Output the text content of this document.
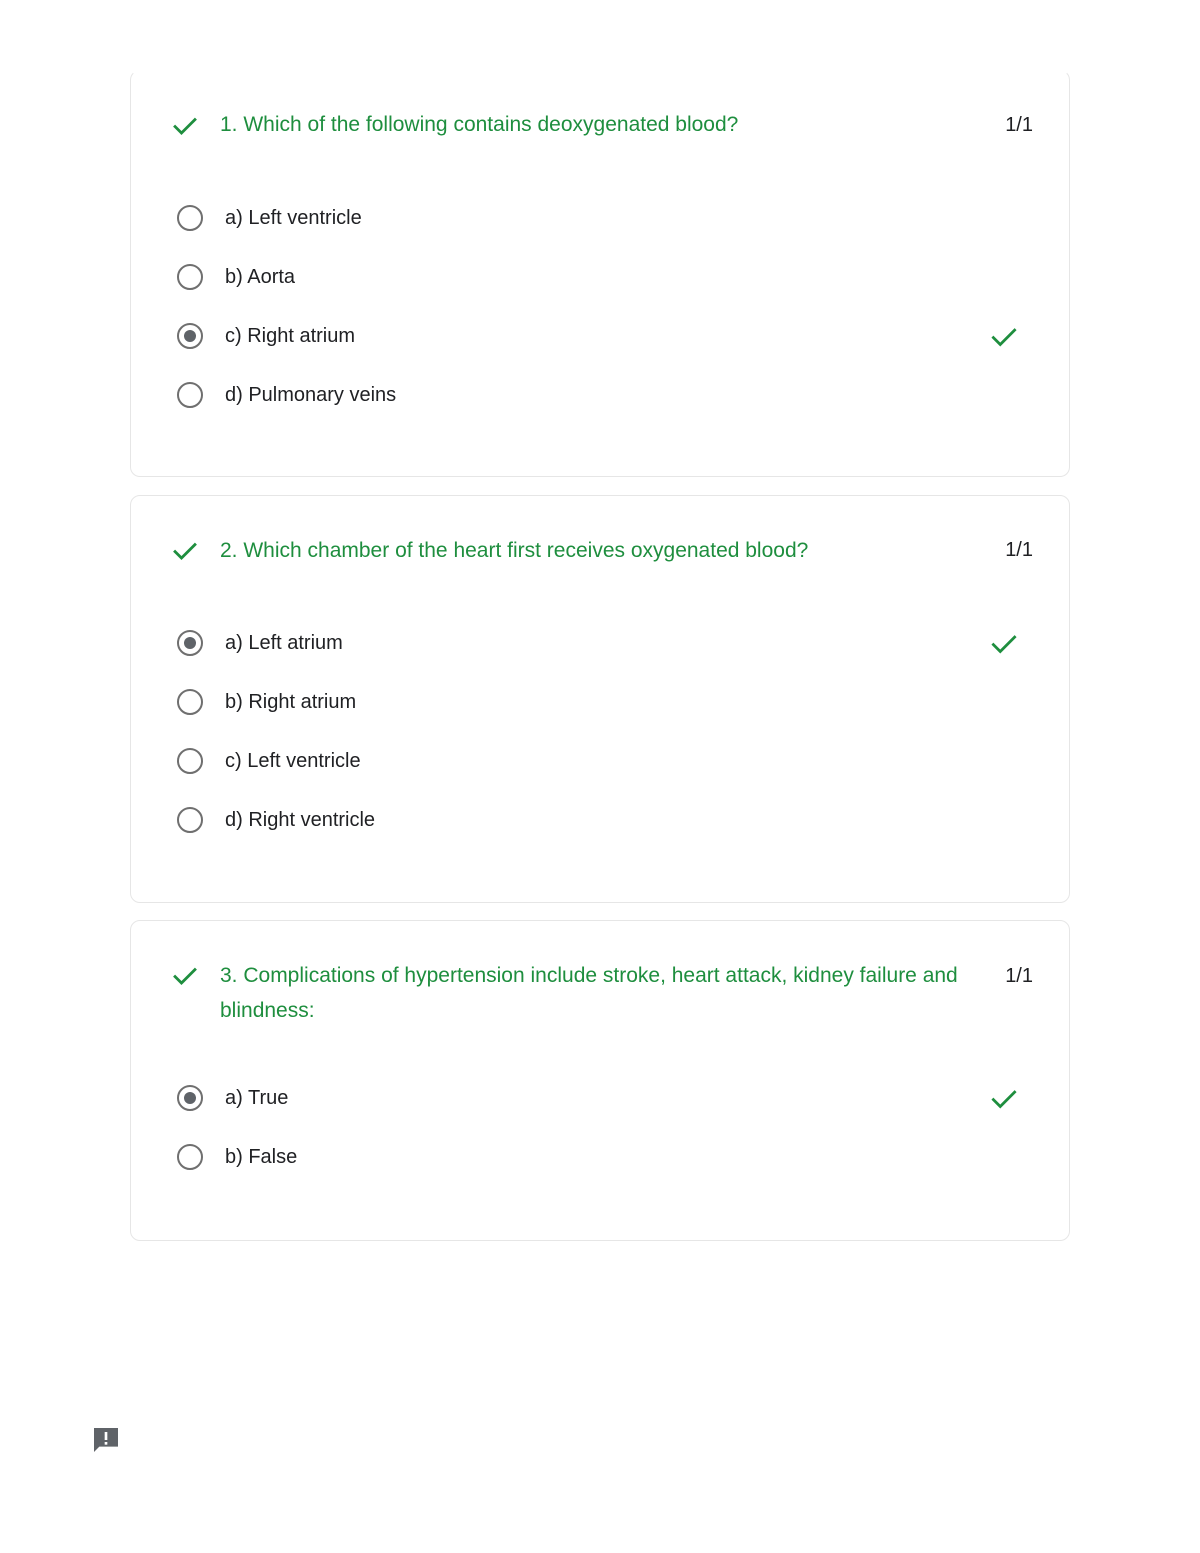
1. Which of the following contains deoxygenated blood?	1/1
a) Left ventricle
b) Aorta
c) Right atrium
d) Pulmonary veins
2. Which chamber of the heart first receives oxygenated blood?	1/1
a) Left atrium
b) Right atrium
c) Left ventricle
d) Right ventricle
3. Complications of hypertension include stroke, heart attack, kidney failure and blindness:
1/1
a) True
b) False
